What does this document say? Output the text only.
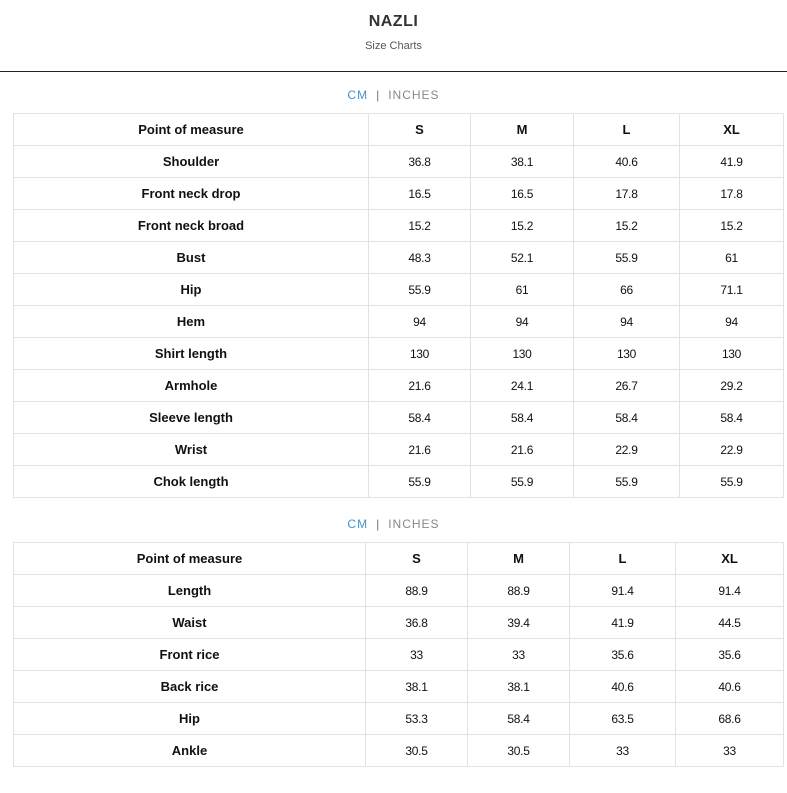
NAZLI
Size Charts
CM | INCHES
Point of measure	S	M	L	XL
Shoulder	36.8	38.1	40.6	41.9
Front neck drop	16.5	16.5	17.8	17.8
Front neck broad	15.2	15.2	15.2	15.2
Bust	48.3	52.1	55.9	61
Hip	55.9	61	66	71.1
Hem	94	94	94	94
Shirt length	130	130	130	130
Armhole	21.6	24.1	26.7	29.2
Sleeve length	58.4	58.4	58.4	58.4
Wrist	21.6	21.6	22.9	22.9
Chok length	55.9	55.9	55.9	55.9
CM | INCHES
Point of measure	S	M	L	XL
Length	88.9	88.9	91.4	91.4
Waist	36.8	39.4	41.9	44.5
Front rice	33	33	35.6	35.6
Back rice	38.1	38.1	40.6	40.6
Hip	53.3	58.4	63.5	68.6
Ankle	30.5	30.5	33	33
